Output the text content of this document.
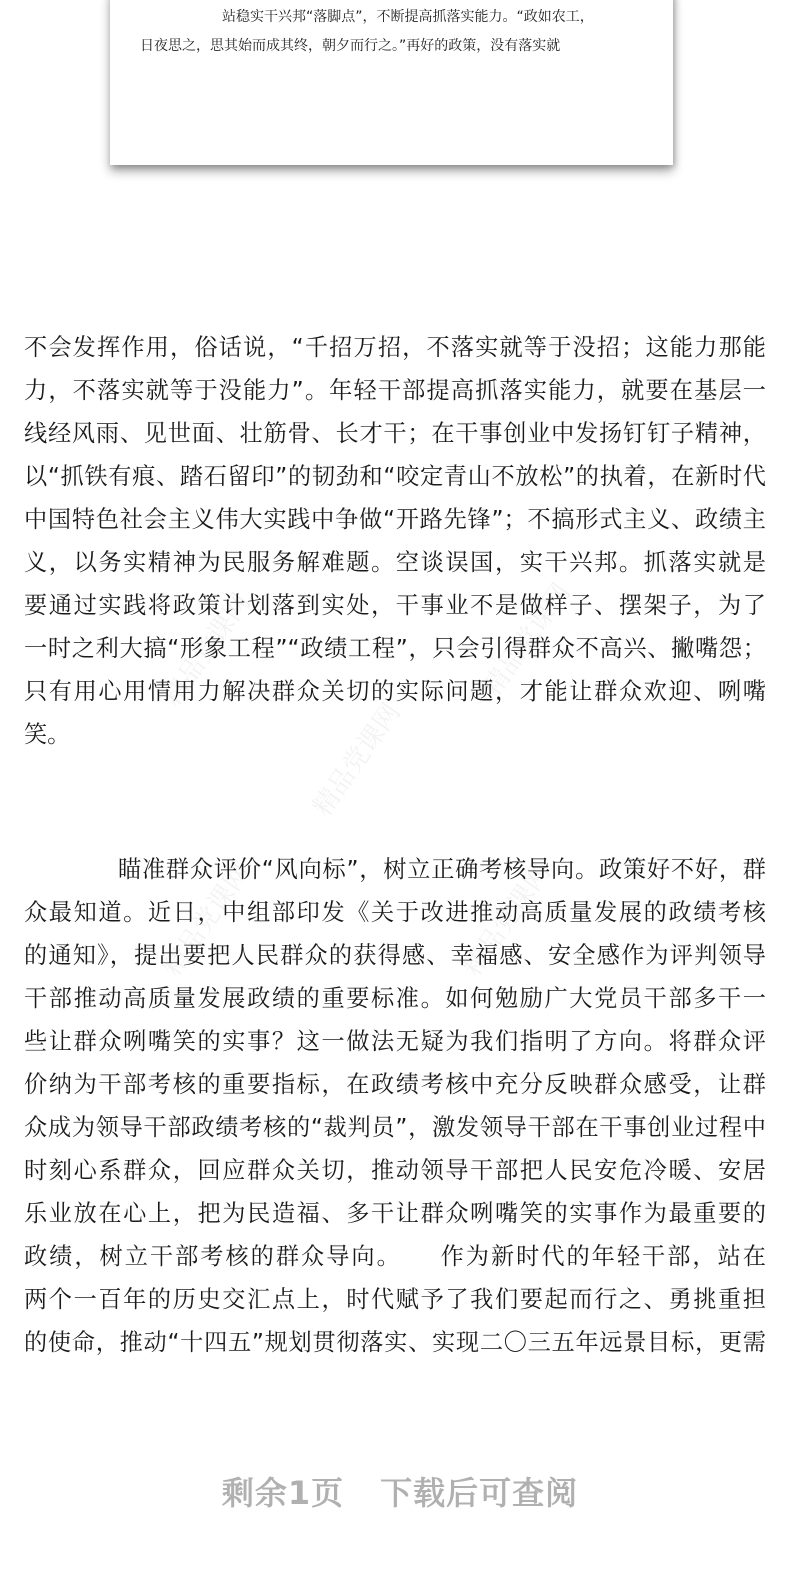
站稳实干兴邦“落脚点”，不断提高抓落实能力。“政如农工，
日夜思之，思其始而成其终，朝夕而行之。”再好的政策，没有落实就
精品党课网
精品党课网
精品党课网
精品党课网	精品党课网
不会发挥作用，俗话说，“千招万招，不落实就等于没招；这能力那能
力，不落实就等于没能力”。年轻干部提高抓落实能力，就要在基层一
线经风雨、见世面、壮筋骨、长才干；在干事创业中发扬钉钉子精神，
以“抓铁有痕、踏石留印”的韧劲和“咬定青山不放松”的执着，在新时代
中国特色社会主义伟大实践中争做“开路先锋”；不搞形式主义、政绩主
义，以务实精神为民服务解难题。空谈误国，实干兴邦。抓落实就是
要通过实践将政策计划落到实处，干事业不是做样子、摆架子，为了
一时之利大搞“形象工程”“政绩工程”，只会引得群众不高兴、撇嘴怨；
只有用心用情用力解决群众关切的实际问题，才能让群众欢迎、咧嘴
笑。
瞄准群众评价“风向标”，树立正确考核导向。政策好不好，群
众最知道。近日，中组部印发《关于改进推动高质量发展的政绩考核
的通知》，提出要把人民群众的获得感、幸福感、安全感作为评判领导
干部推动高质量发展政绩的重要标准。如何勉励广大党员干部多干一
些让群众咧嘴笑的实事？这一做法无疑为我们指明了方向。将群众评
价纳为干部考核的重要指标，在政绩考核中充分反映群众感受，让群
众成为领导干部政绩考核的“裁判员”，激发领导干部在干事创业过程中
时刻心系群众，回应群众关切，推动领导干部把人民安危冷暖、安居
乐业放在心上，把为民造福、多干让群众咧嘴笑的实事作为最重要的
政绩，树立干部考核的群众导向。　　作为新时代的年轻干部，站在
两个一百年的历史交汇点上，时代赋予了我们要起而行之、勇挑重担
的使命，推动“十四五”规划贯彻落实、实现二〇三五年远景目标，更需
剩余1页 下载后可查阅
